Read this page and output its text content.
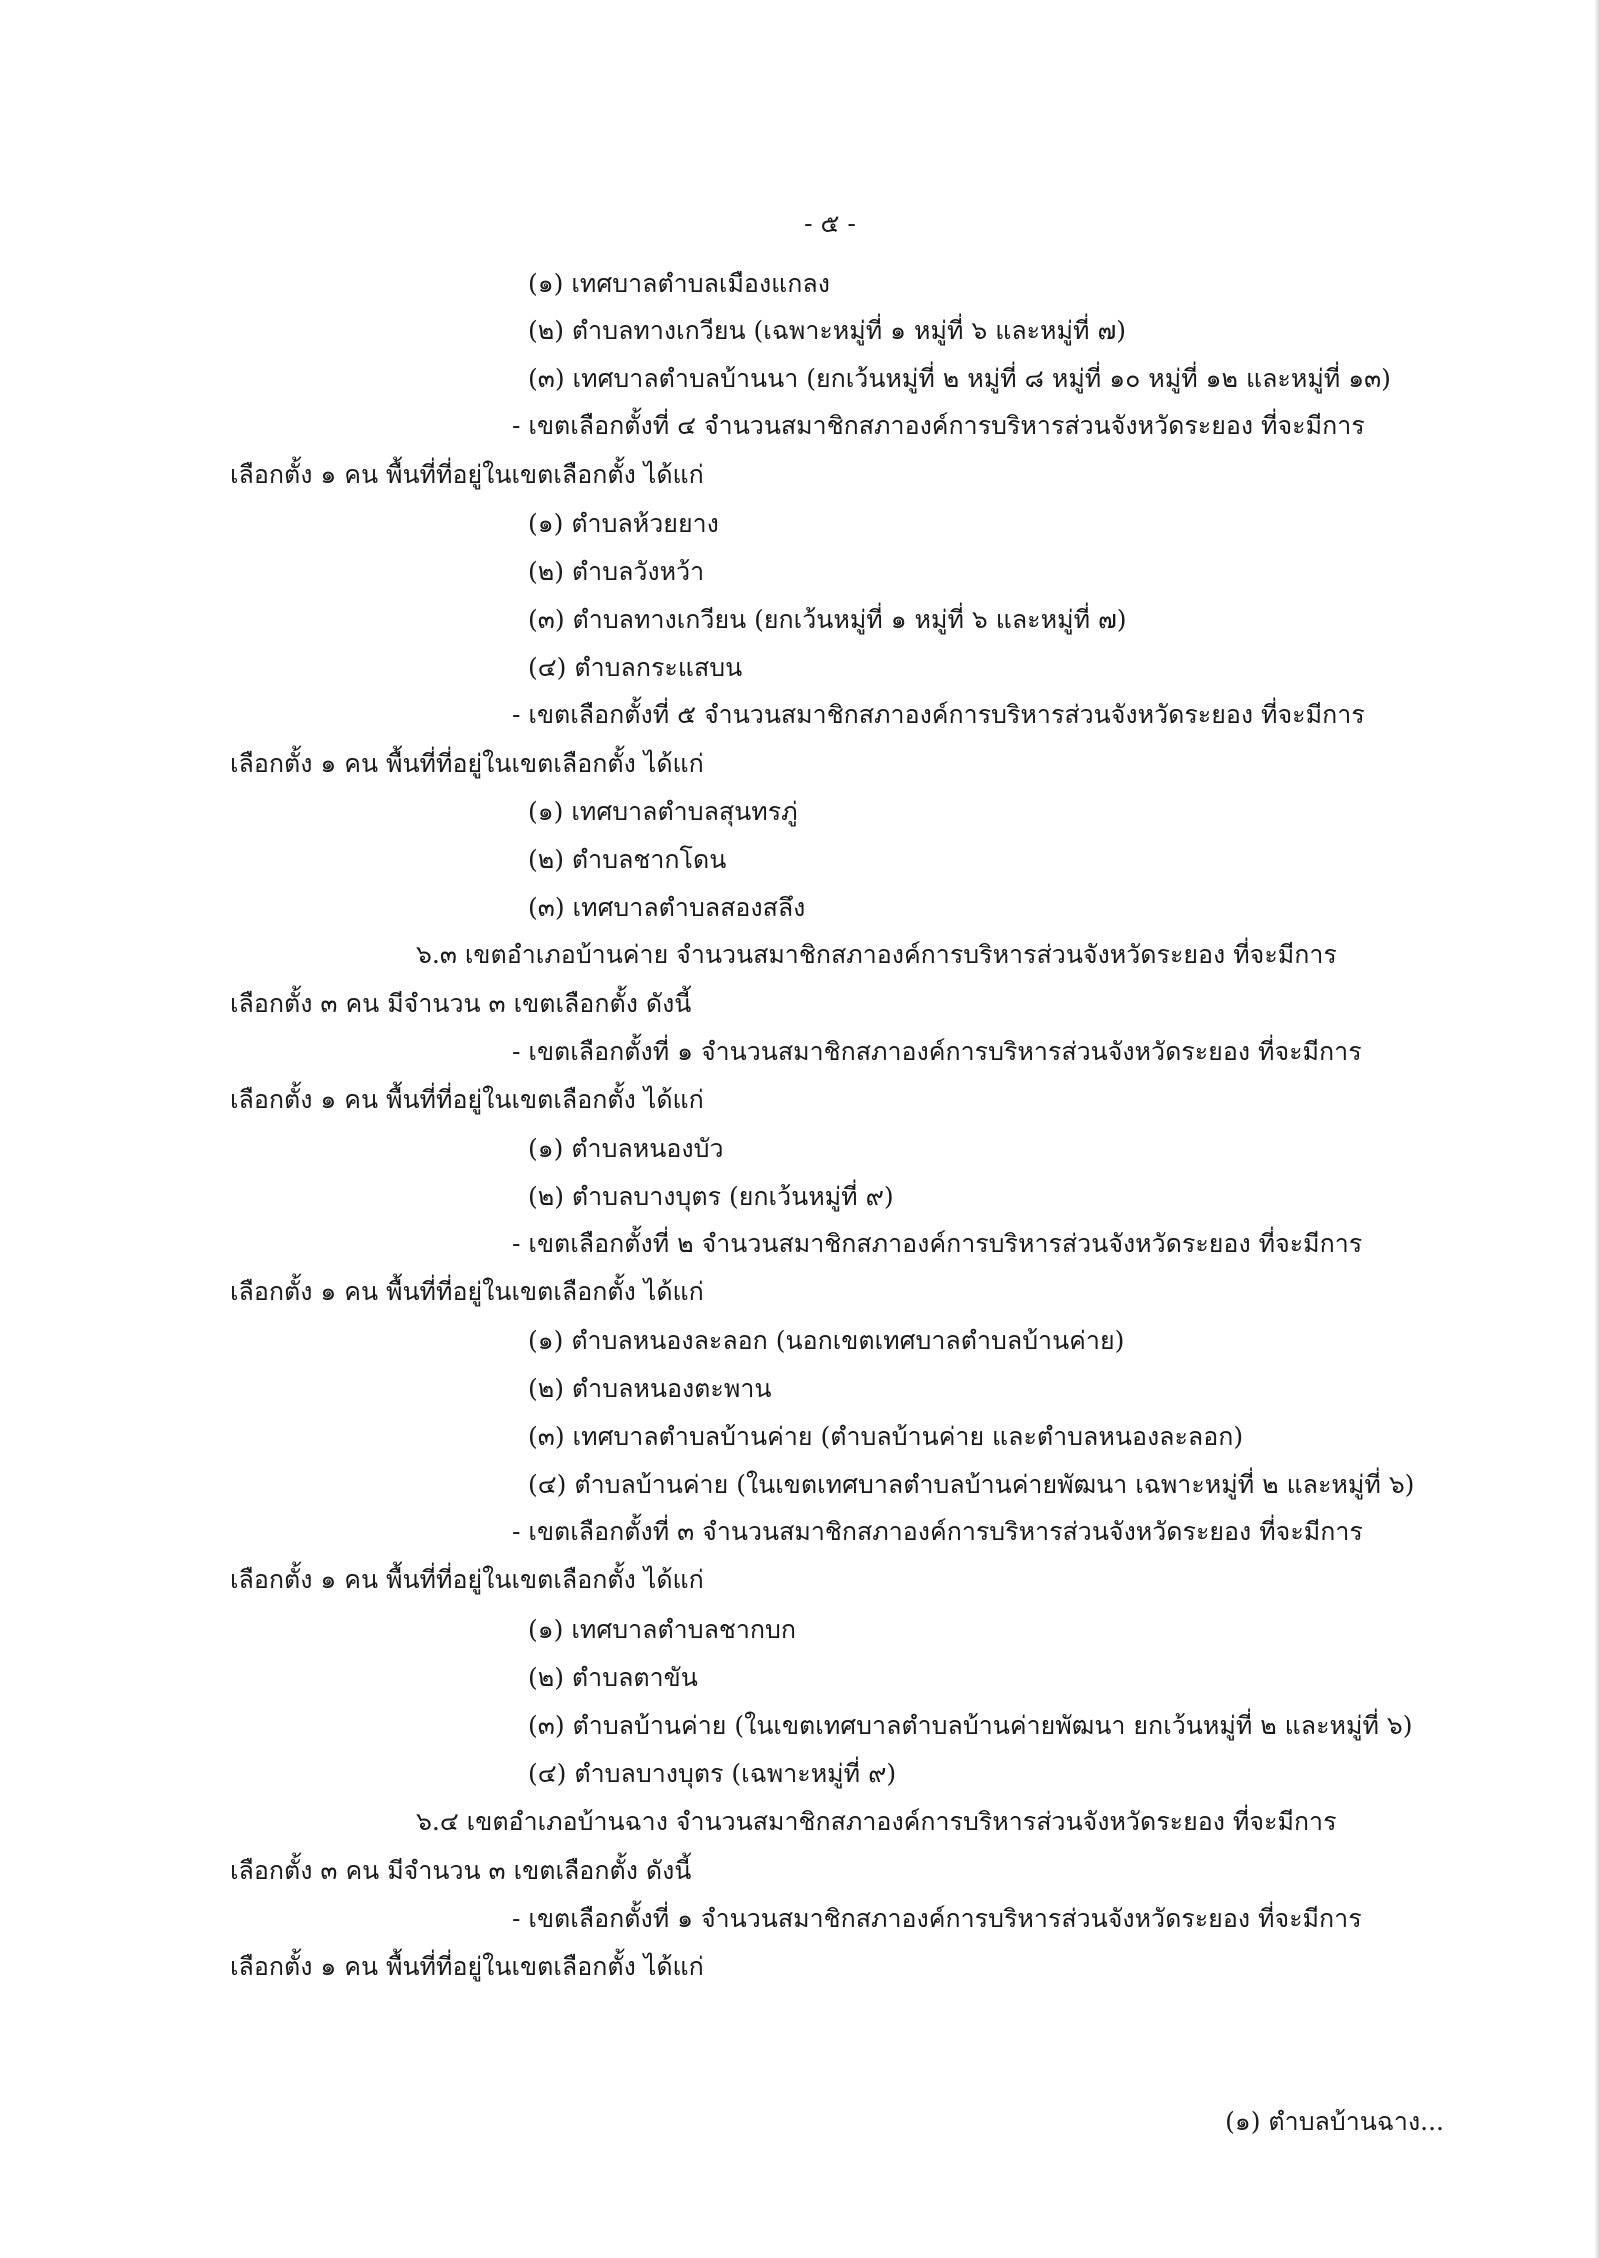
- ๕ -
(๑) เทศบาลตำบลเมืองแกลง
(๒) ตำบลทางเกวียน (เฉพาะหมู่ที่ ๑ หมู่ที่ ๖ และหมู่ที่ ๗)
(๓) เทศบาลตำบลบ้านนา (ยกเว้นหมู่ที่ ๒ หมู่ที่ ๘ หมู่ที่ ๑๐ หมู่ที่ ๑๒ และหมู่ที่ ๑๓)
- เขตเลือกตั้งที่ ๔ จำนวนสมาชิกสภาองค์การบริหารส่วนจังหวัดระยอง ที่จะมีการ
เลือกตั้ง ๑ คน พื้นที่ที่อยู่ในเขตเลือกตั้ง ได้แก่
(๑) ตำบลห้วยยาง
(๒) ตำบลวังหว้า
(๓) ตำบลทางเกวียน (ยกเว้นหมู่ที่ ๑ หมู่ที่ ๖ และหมู่ที่ ๗)
(๔) ตำบลกระแสบน
- เขตเลือกตั้งที่ ๕ จำนวนสมาชิกสภาองค์การบริหารส่วนจังหวัดระยอง ที่จะมีการ
เลือกตั้ง ๑ คน พื้นที่ที่อยู่ในเขตเลือกตั้ง ได้แก่
(๑) เทศบาลตำบลสุนทรภู่
(๒) ตำบลชากโดน
(๓) เทศบาลตำบลสองสลึง
๖.๓ เขตอำเภอบ้านค่าย จำนวนสมาชิกสภาองค์การบริหารส่วนจังหวัดระยอง ที่จะมีการ
เลือกตั้ง ๓ คน มีจำนวน ๓ เขตเลือกตั้ง ดังนี้
- เขตเลือกตั้งที่ ๑ จำนวนสมาชิกสภาองค์การบริหารส่วนจังหวัดระยอง ที่จะมีการ
เลือกตั้ง ๑ คน พื้นที่ที่อยู่ในเขตเลือกตั้ง ได้แก่
(๑) ตำบลหนองบัว
(๒) ตำบลบางบุตร (ยกเว้นหมู่ที่ ๙)
- เขตเลือกตั้งที่ ๒ จำนวนสมาชิกสภาองค์การบริหารส่วนจังหวัดระยอง ที่จะมีการ
เลือกตั้ง ๑ คน พื้นที่ที่อยู่ในเขตเลือกตั้ง ได้แก่
(๑) ตำบลหนองละลอก (นอกเขตเทศบาลตำบลบ้านค่าย)
(๒) ตำบลหนองตะพาน
(๓) เทศบาลตำบลบ้านค่าย (ตำบลบ้านค่าย และตำบลหนองละลอก)
(๔) ตำบลบ้านค่าย (ในเขตเทศบาลตำบลบ้านค่ายพัฒนา เฉพาะหมู่ที่ ๒ และหมู่ที่ ๖)
- เขตเลือกตั้งที่ ๓ จำนวนสมาชิกสภาองค์การบริหารส่วนจังหวัดระยอง ที่จะมีการ
เลือกตั้ง ๑ คน พื้นที่ที่อยู่ในเขตเลือกตั้ง ได้แก่
(๑) เทศบาลตำบลชากบก
(๒) ตำบลตาขัน
(๓) ตำบลบ้านค่าย (ในเขตเทศบาลตำบลบ้านค่ายพัฒนา ยกเว้นหมู่ที่ ๒ และหมู่ที่ ๖)
(๔) ตำบลบางบุตร (เฉพาะหมู่ที่ ๙)
๖.๔ เขตอำเภอบ้านฉาง จำนวนสมาชิกสภาองค์การบริหารส่วนจังหวัดระยอง ที่จะมีการ
เลือกตั้ง ๓ คน มีจำนวน ๓ เขตเลือกตั้ง ดังนี้
- เขตเลือกตั้งที่ ๑ จำนวนสมาชิกสภาองค์การบริหารส่วนจังหวัดระยอง ที่จะมีการ
เลือกตั้ง ๑ คน พื้นที่ที่อยู่ในเขตเลือกตั้ง ได้แก่
(๑) ตำบลบ้านฉาง...
